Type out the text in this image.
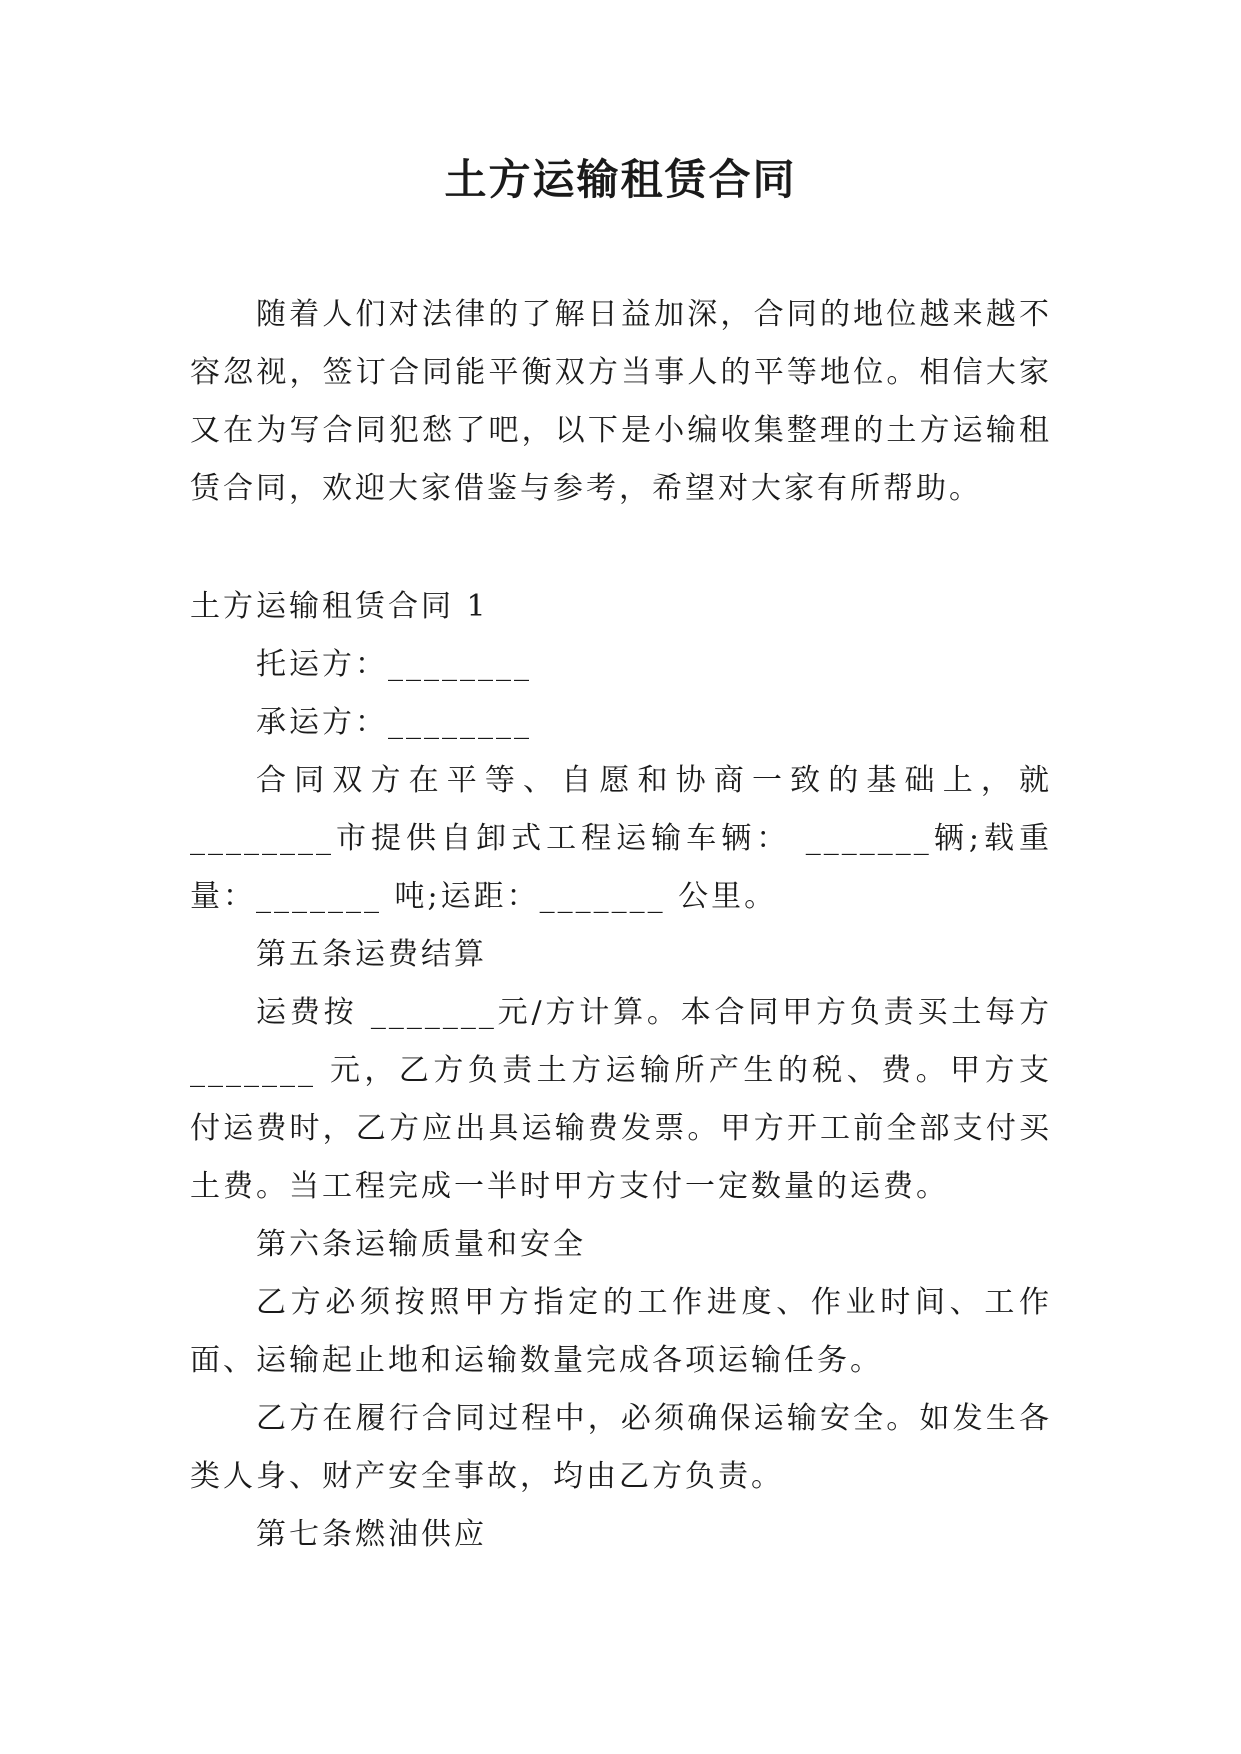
土方运输租赁合同

随着人们对法律的了解日益加深，合同的地位越来越不容忽视，签订合同能平衡双方当事人的平等地位。相信大家又在为写合同犯愁了吧，以下是小编收集整理的土方运输租赁合同，欢迎大家借鉴与参考，希望对大家有所帮助。

土方运输租赁合同 1

托运方：________

承运方：________

合同双方在平等、自愿和协商一致的基础上，就________市提供自卸式工程运输车辆： _______辆;载重量：_______ 吨;运距：_______ 公里。

第五条运费结算

运费按 _______元/方计算。本合同甲方负责买土每方_______ 元，乙方负责土方运输所产生的税、费。甲方支付运费时，乙方应出具运输费发票。甲方开工前全部支付买土费。当工程完成一半时甲方支付一定数量的运费。

第六条运输质量和安全

乙方必须按照甲方指定的工作进度、作业时间、工作面、运输起止地和运输数量完成各项运输任务。

乙方在履行合同过程中，必须确保运输安全。如发生各类人身、财产安全事故，均由乙方负责。

第七条燃油供应
